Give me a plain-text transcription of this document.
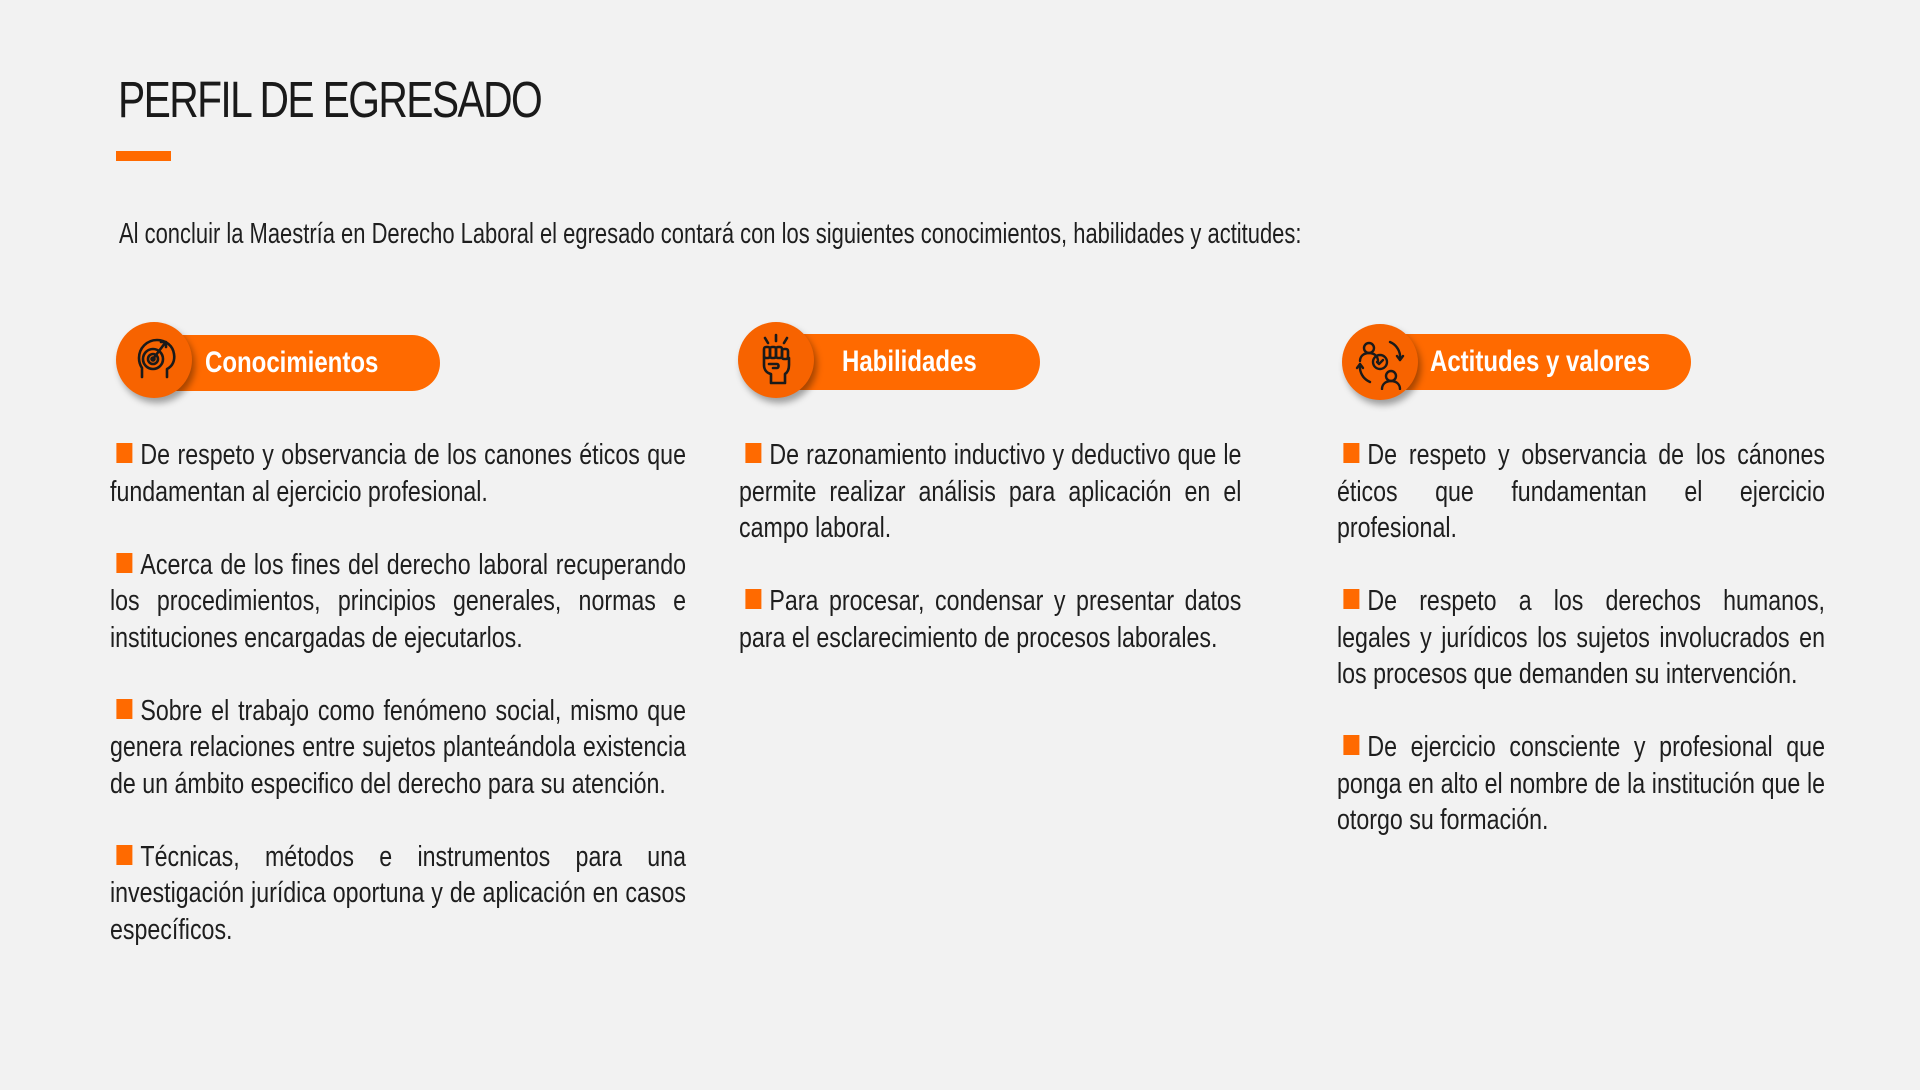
PERFIL DE EGRESADO

Al concluir la Maestría en Derecho Laboral el egresado contará con los siguientes conocimientos, habilidades y actitudes:

Conocimientos	Habilidades	Actitudes y valores

De respeto y observancia de los canones éticos que fundamentan al ejercicio profesional.

Acerca de los fines del derecho laboral recuperando los procedimientos, principios generales, normas e instituciones encargadas de ejecutarlos.

Sobre el trabajo como fenómeno social, mismo que genera relaciones entre sujetos planteándola existencia de un ámbito especifico del derecho para su atención.

Técnicas, métodos e instrumentos para una investigación jurídica oportuna y de aplicación en casos específicos.

De razonamiento inductivo y deductivo que le permite realizar análisis para aplicación en el campo laboral.

Para procesar, condensar y presentar datos para el esclarecimiento de procesos laborales.

De respeto y observancia de los cánones éticos que fundamentan el ejercicio profesional.

De respeto a los derechos humanos, legales y jurídicos los sujetos involucrados en los procesos que demanden su intervención.

De ejercicio consciente y profesional que ponga en alto el nombre de la institución que le otorgo su formación.
